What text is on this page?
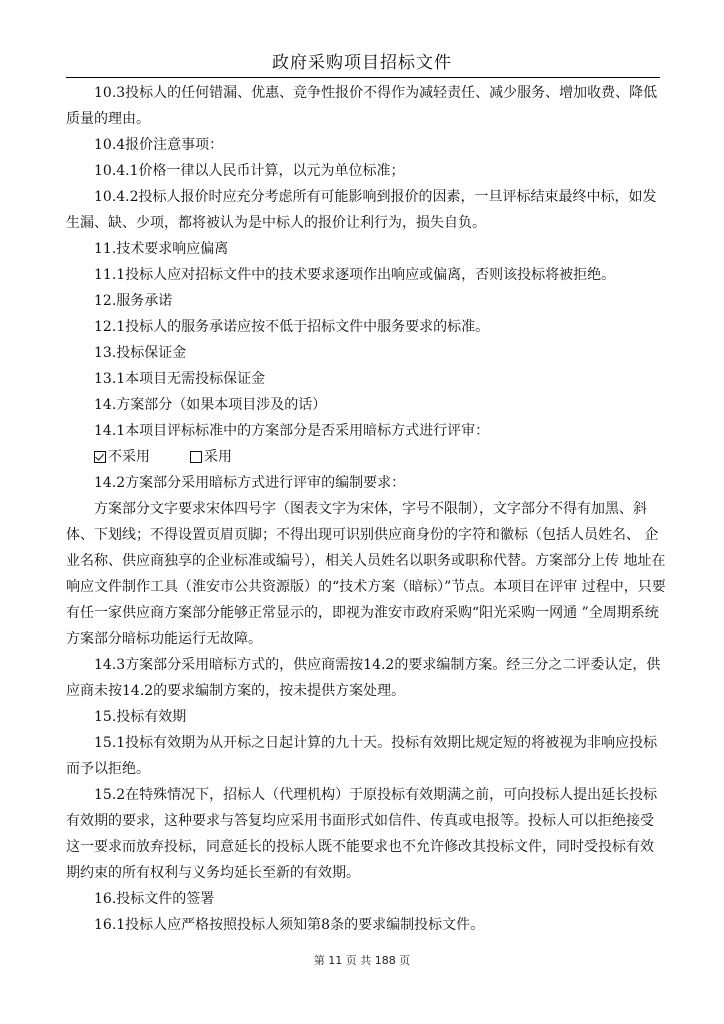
政府采购项目招标文件

10.3投标人的任何错漏、优惠、竞争性报价不得作为减轻责任、减少服务、增加收费、降低质量的理由。

10.4报价注意事项：

10.4.1价格一律以人民币计算，以元为单位标准；

10.4.2投标人报价时应充分考虑所有可能影响到报价的因素，一旦评标结束最终中标，如发生漏、缺、少项，都将被认为是中标人的报价让利行为，损失自负。

11.技术要求响应偏离

11.1投标人应对招标文件中的技术要求逐项作出响应或偏离，否则该投标将被拒绝。

12.服务承诺

12.1投标人的服务承诺应按不低于招标文件中服务要求的标准。

13.投标保证金

13.1本项目无需投标保证金

14.方案部分（如果本项目涉及的话）

14.1本项目评标标准中的方案部分是否采用暗标方式进行评审：

不采用	采用

14.2方案部分采用暗标方式进行评审的编制要求：

方案部分文字要求宋体四号字（图表文字为宋体，字号不限制），文字部分不得有加黑、斜体、下划线；不得设置页眉页脚；不得出现可识别供应商身份的字符和徽标（包括人员姓名、 企业名称、供应商独享的企业标准或编号），相关人员姓名以职务或职称代替。方案部分上传 地址在响应文件制作工具（淮安市公共资源版）的“技术方案（暗标）”节点。本项目在评审 过程中，只要有任一家供应商方案部分能够正常显示的，即视为淮安市政府采购“阳光采购一网通 ”全周期系统方案部分暗标功能运行无故障。

14.3方案部分采用暗标方式的，供应商需按14.2的要求编制方案。经三分之二评委认定，供应商未按14.2的要求编制方案的，按未提供方案处理。

15.投标有效期

15.1投标有效期为从开标之日起计算的九十天。投标有效期比规定短的将被视为非响应投标而予以拒绝。

15.2在特殊情况下，招标人（代理机构）于原投标有效期满之前，可向投标人提出延长投标有效期的要求，这种要求与答复均应采用书面形式如信件、传真或电报等。投标人可以拒绝接受这一要求而放弃投标，同意延长的投标人既不能要求也不允许修改其投标文件，同时受投标有效期约束的所有权利与义务均延长至新的有效期。

16.投标文件的签署

16.1投标人应严格按照投标人须知第8条的要求编制投标文件。

第 11 页 共 188 页
